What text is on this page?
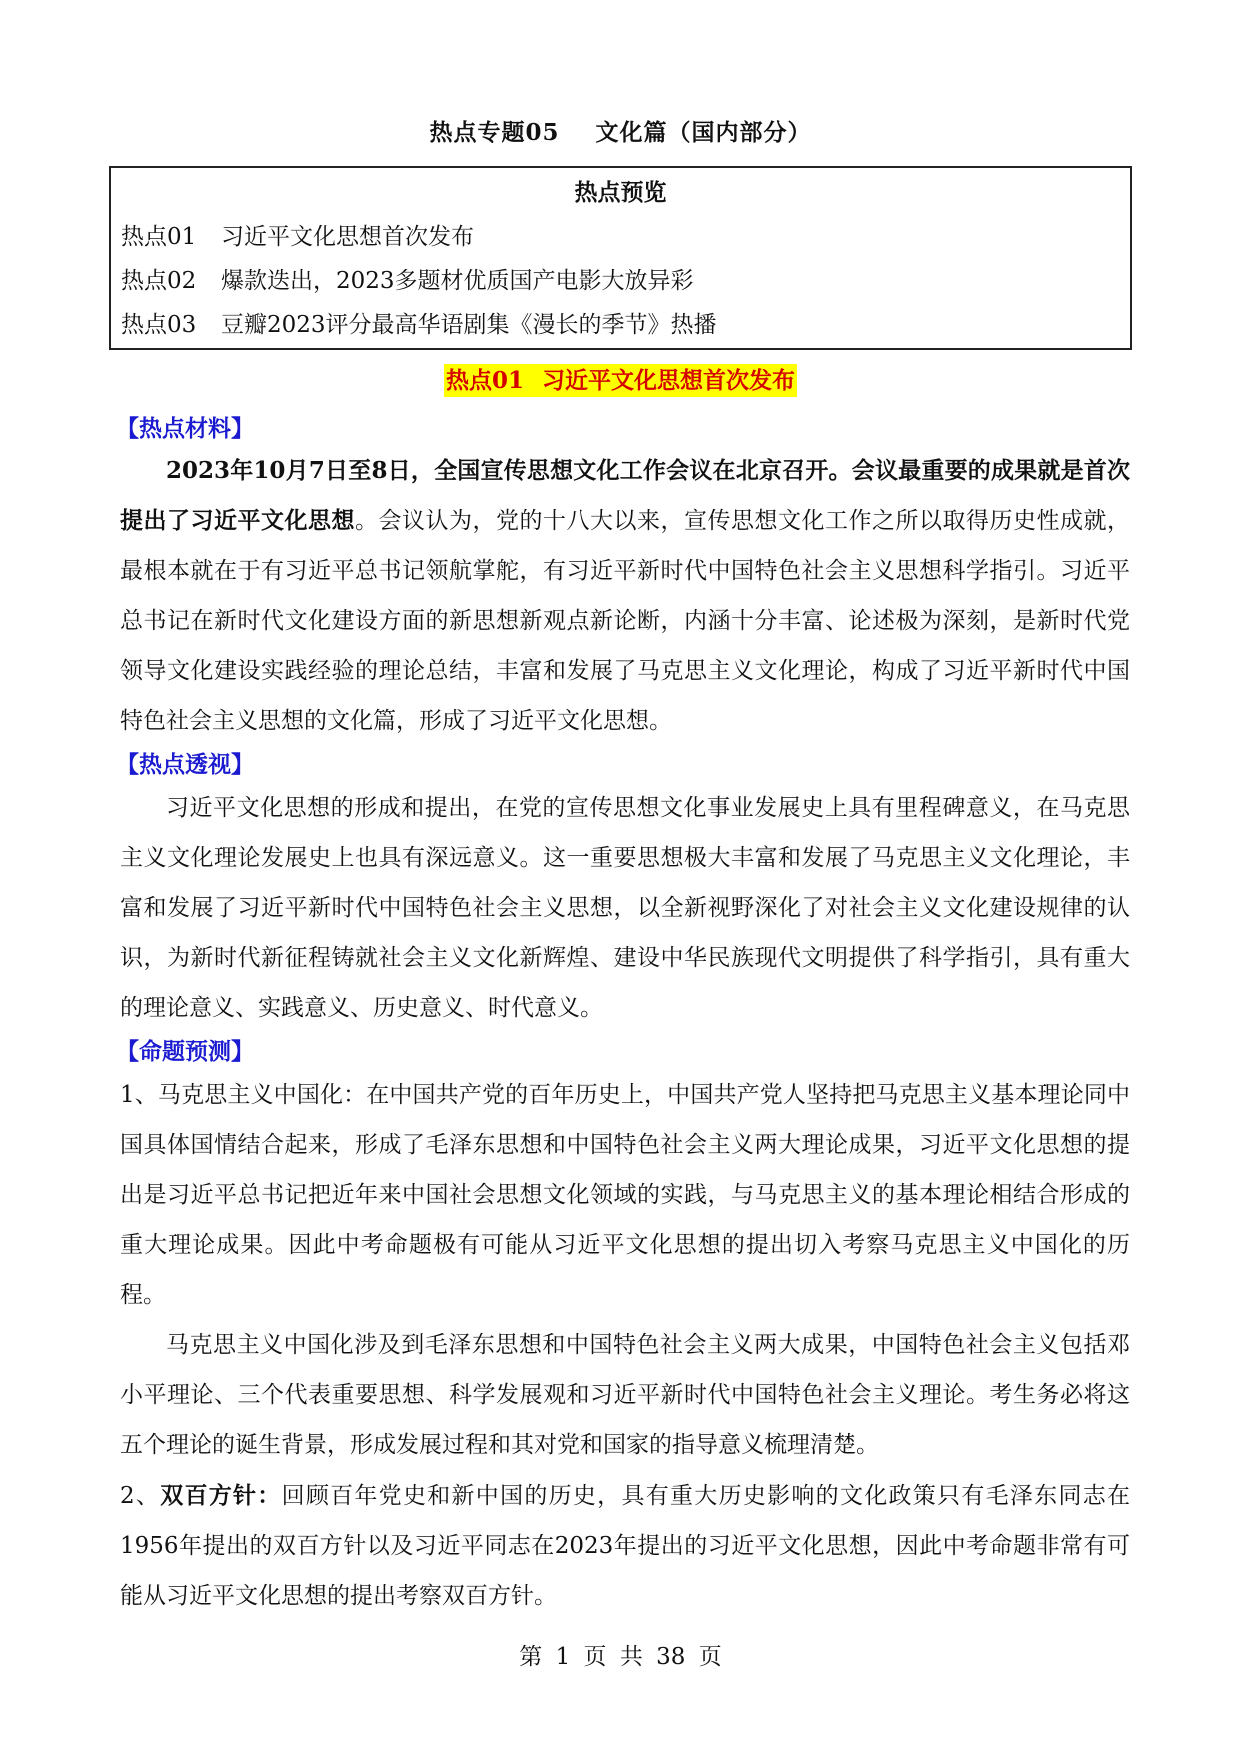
热点专题05 文化篇（国内部分）
热点预览
热点01 习近平文化思想首次发布
热点02 爆款迭出，2023多题材优质国产电影大放异彩
热点03 豆瓣2023评分最高华语剧集《漫长的季节》热播
热点01 习近平文化思想首次发布
【热点材料】

2023年10月7日至8日，全国宣传思想文化工作会议在北京召开。会议最重要的成果就是首次提出了习近平文化思想。会议认为，党的十八大以来，宣传思想文化工作之所以取得历史性成就，最根本就在于有习近平总书记领航掌舵，有习近平新时代中国特色社会主义思想科学指引。习近平总书记在新时代文化建设方面的新思想新观点新论断，内涵十分丰富、论述极为深刻，是新时代党领导文化建设实践经验的理论总结，丰富和发展了马克思主义文化理论，构成了习近平新时代中国特色社会主义思想的文化篇，形成了习近平文化思想。

【热点透视】

习近平文化思想的形成和提出，在党的宣传思想文化事业发展史上具有里程碑意义，在马克思主义文化理论发展史上也具有深远意义。这一重要思想极大丰富和发展了马克思主义文化理论，丰富和发展了习近平新时代中国特色社会主义思想，以全新视野深化了对社会主义文化建设规律的认识，为新时代新征程铸就社会主义文化新辉煌、建设中华民族现代文明提供了科学指引，具有重大的理论意义、实践意义、历史意义、时代意义。

【命题预测】

1、马克思主义中国化：在中国共产党的百年历史上，中国共产党人坚持把马克思主义基本理论同中国具体国情结合起来，形成了毛泽东思想和中国特色社会主义两大理论成果，习近平文化思想的提出是习近平总书记把近年来中国社会思想文化领域的实践，与马克思主义的基本理论相结合形成的重大理论成果。因此中考命题极有可能从习近平文化思想的提出切入考察马克思主义中国化的历程。

马克思主义中国化涉及到毛泽东思想和中国特色社会主义两大成果，中国特色社会主义包括邓小平理论、三个代表重要思想、科学发展观和习近平新时代中国特色社会主义理论。考生务必将这五个理论的诞生背景，形成发展过程和其对党和国家的指导意义梳理清楚。

2、双百方针：回顾百年党史和新中国的历史，具有重大历史影响的文化政策只有毛泽东同志在1956年提出的双百方针以及习近平同志在2023年提出的习近平文化思想，因此中考命题非常有可能从习近平文化思想的提出考察双百方针。

第 1 页 共 38 页
